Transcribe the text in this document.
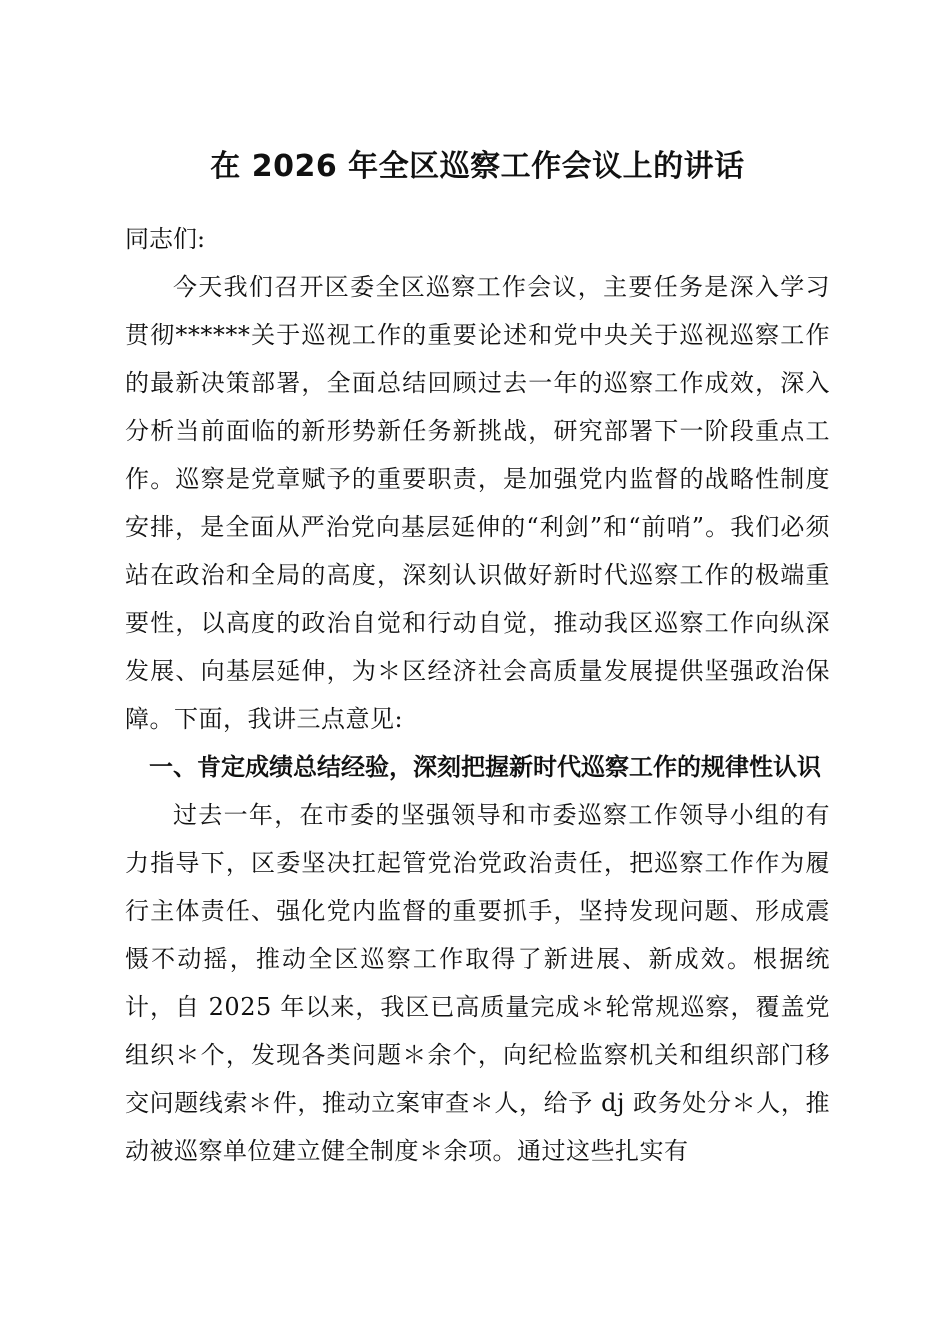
在 2026 年全区巡察工作会议上的讲话

同志们:

今天我们召开区委全区巡察工作会议，主要任务是深入学习贯彻******关于巡视工作的重要论述和党中央关于巡视巡察工作的最新决策部署，全面总结回顾过去一年的巡察工作成效，深入分析当前面临的新形势新任务新挑战，研究部署下一阶段重点工作。巡察是党章赋予的重要职责，是加强党内监督的战略性制度安排，是全面从严治党向基层延伸的“利剑”和“前哨”。我们必须站在政治和全局的高度，深刻认识做好新时代巡察工作的极端重要性，以高度的政治自觉和行动自觉，推动我区巡察工作向纵深发展、向基层延伸，为＊区经济社会高质量发展提供坚强政治保障。下面，我讲三点意见:

一、肯定成绩总结经验，深刻把握新时代巡察工作的规律性认识

过去一年，在市委的坚强领导和市委巡察工作领导小组的有力指导下，区委坚决扛起管党治党政治责任，把巡察工作作为履行主体责任、强化党内监督的重要抓手，坚持发现问题、形成震慑不动摇，推动全区巡察工作取得了新进展、新成效。根据统计，自 2025 年以来，我区已高质量完成＊轮常规巡察，覆盖党组织＊个，发现各类问题＊余个，向纪检监察机关和组织部门移交问题线索＊件，推动立案审查＊人，给予 dj 政务处分＊人，推动被巡察单位建立健全制度＊余项。通过这些扎实有
